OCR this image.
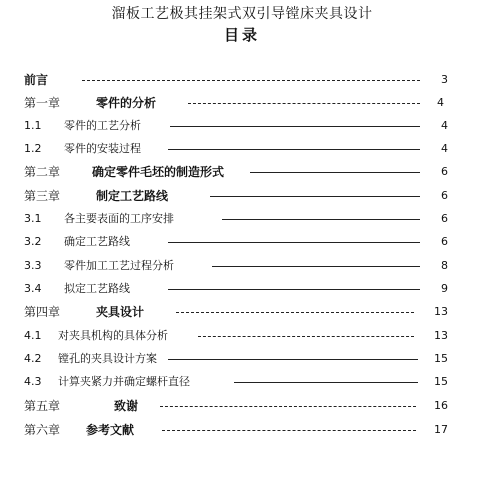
溜板工艺极其挂架式双引导镗床夹具设计
目录
前言	3
第一章	零件的分析	4
1.1 零件的工艺分析	4
1.2 零件的安装过程	4
第二章	确定零件毛坯的制造形式	6
第三章	制定工艺路线	6
3.1 各主要表面的工序安排	6
3.2 确定工艺路线	6
3.3 零件加工工艺过程分析	8
3.4 拟定工艺路线	9
第四章	夹具设计	13
4.1 对夹具机构的具体分析	13
4.2 镗孔的夹具设计方案	15
4.3 计算夹紧力并确定螺杆直径	15
第五章	致谢	16
第六章 参考文献	17
